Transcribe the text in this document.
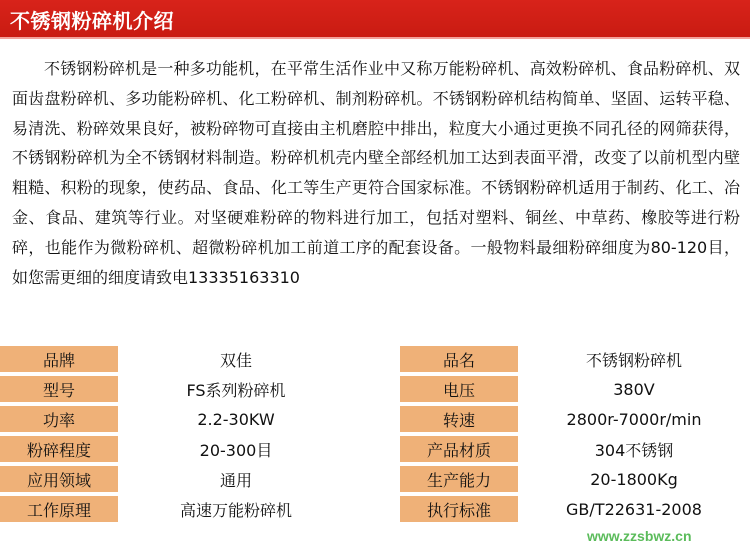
不锈钢粉碎机介绍

不锈钢粉碎机是一种多功能机，在平常生活作业中又称万能粉碎机、高效粉碎机、食品粉碎机、双面齿盘粉碎机、多功能粉碎机、化工粉碎机、制剂粉碎机。不锈钢粉碎机结构简单、坚固、运转平稳、易清洗、粉碎效果良好，被粉碎物可直接由主机磨腔中排出，粒度大小通过更换不同孔径的网筛获得，不锈钢粉碎机为全不锈钢材料制造。粉碎机机壳内壁全部经机加工达到表面平滑，改变了以前机型内壁粗糙、积粉的现象，使药品、食品、化工等生产更符合国家标准。不锈钢粉碎机适用于制药、化工、冶金、食品、建筑等行业。对坚硬难粉碎的物料进行加工，包括对塑料、铜丝、中草药、橡胶等进行粉碎，也能作为微粉碎机、超微粉碎机加工前道工序的配套设备。一般物料最细粉碎细度为80-120目，如您需更细的细度请致电13335163310

品牌	双佳		品名	不锈钢粉碎机
型号	FS系列粉碎机		电压	380V
功率	2.2-30KW		转速	2800r-7000r/min
粉碎程度	20-300目		产品材质	304不锈钢
应用领域	通用		生产能力	20-1800Kg
工作原理	高速万能粉碎机		执行标准	GB/T22631-2008
www.zzsbwz.cn
